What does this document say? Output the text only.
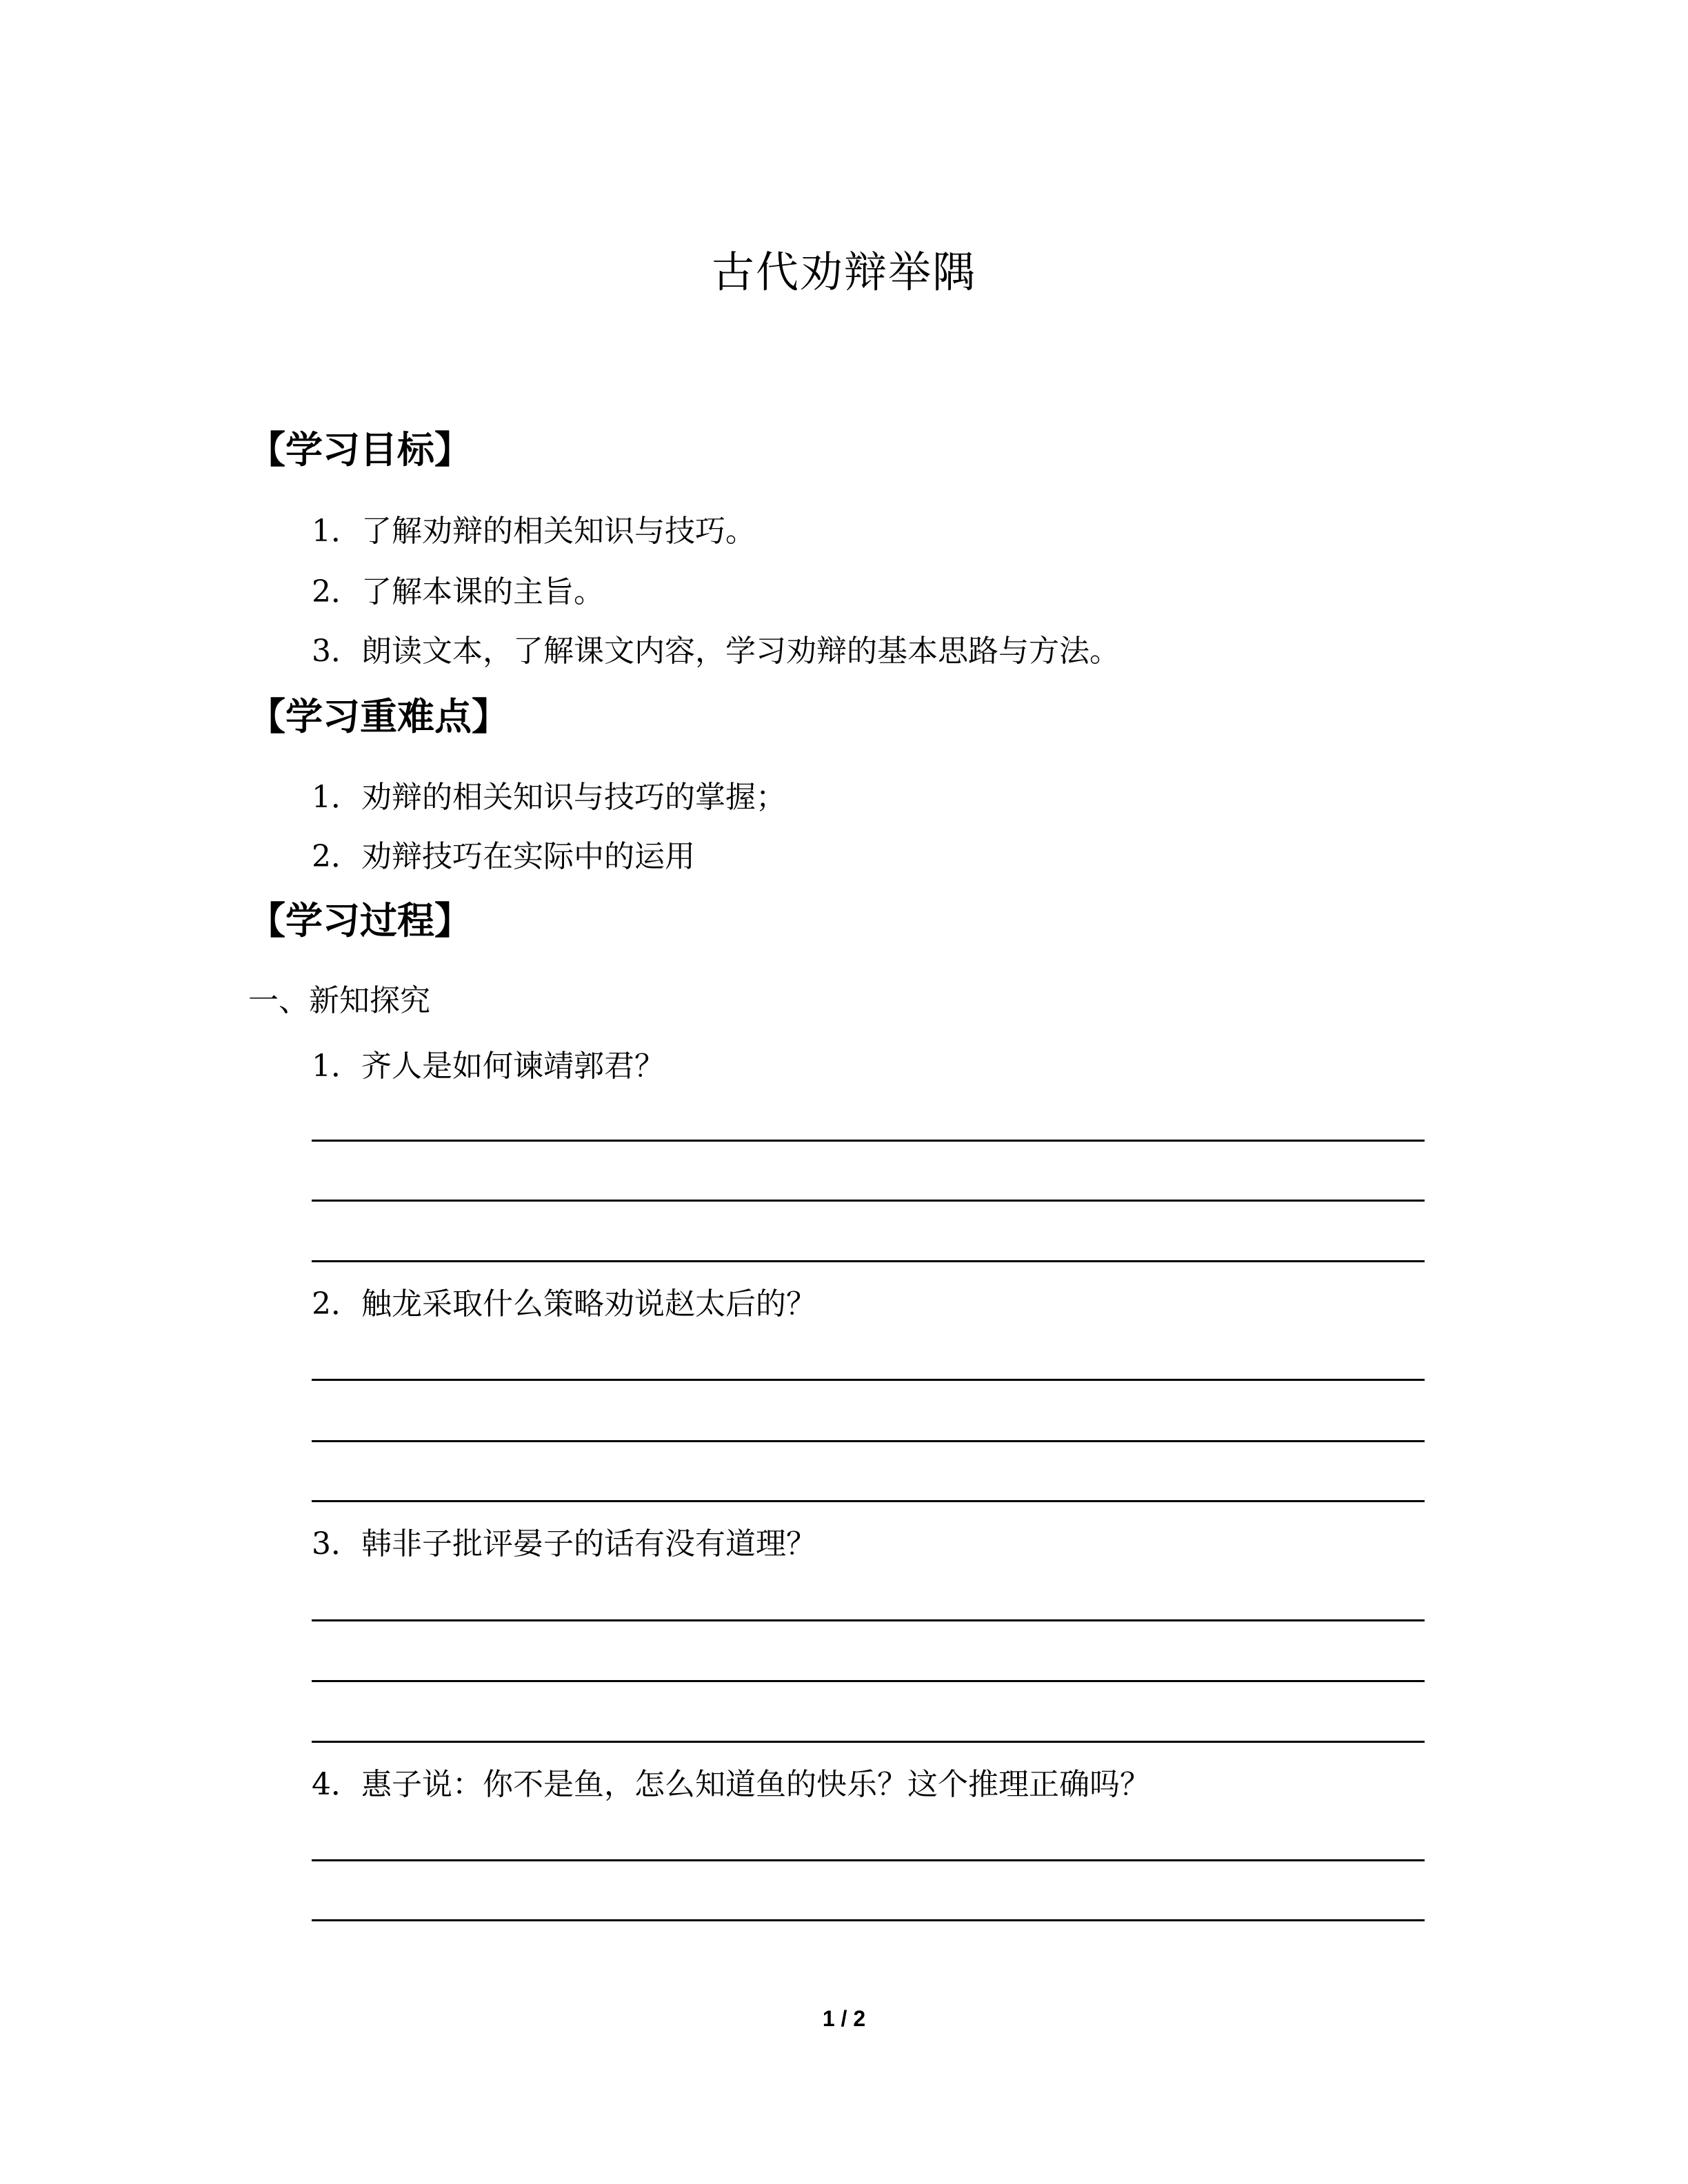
古代劝辩举隅
【学习目标】
1．了解劝辩的相关知识与技巧。
2．了解本课的主旨。
3．朗读文本，了解课文内容，学习劝辩的基本思路与方法。
【学习重难点】
1．劝辩的相关知识与技巧的掌握；
2．劝辩技巧在实际中的运用
【学习过程】
一、新知探究
1．齐人是如何谏靖郭君？
2．触龙采取什么策略劝说赵太后的？
3．韩非子批评晏子的话有没有道理？
4．惠子说：你不是鱼，怎么知道鱼的快乐？这个推理正确吗？
1 / 2
